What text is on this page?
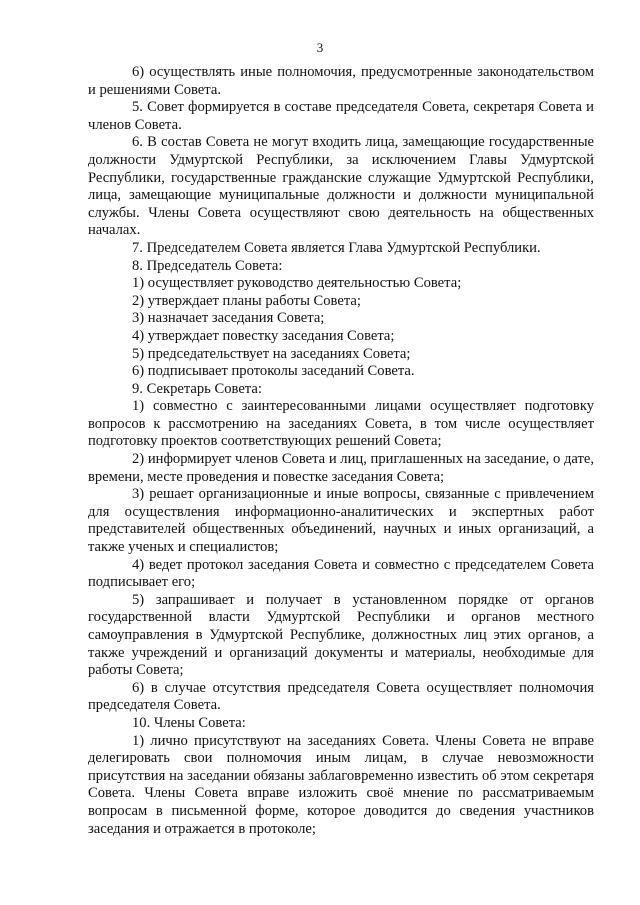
3

6) осуществлять иные полномочия, предусмотренные законодательством и решениями Совета.

5. Совет формируется в составе председателя Совета, секретаря Совета и членов Совета.

6. В состав Совета не могут входить лица, замещающие государственные должности Удмуртской Республики, за исключением Главы Удмуртской Республики, государственные гражданские служащие Удмуртской Республики, лица, замещающие муниципальные должности и должности муниципальной службы. Члены Совета осуществляют свою деятельность на общественных началах.

7. Председателем Совета является Глава Удмуртской Республики.

8. Председатель Совета:

1) осуществляет руководство деятельностью Совета;

2) утверждает планы работы Совета;

3) назначает заседания Совета;

4) утверждает повестку заседания Совета;

5) председательствует на заседаниях Совета;

6) подписывает протоколы заседаний Совета.

9. Секретарь Совета:

1) совместно с заинтересованными лицами осуществляет подготовку вопросов к рассмотрению на заседаниях Совета, в том числе осуществляет подготовку проектов соответствующих решений Совета;

2) информирует членов Совета и лиц, приглашенных на заседание, о дате, времени, месте проведения и повестке заседания Совета;

3) решает организационные и иные вопросы, связанные с привлечением для осуществления информационно-аналитических и экспертных работ представителей общественных объединений, научных и иных организаций, а также ученых и специалистов;

4) ведет протокол заседания Совета и совместно с председателем Совета подписывает его;

5) запрашивает и получает в установленном порядке от органов государственной власти Удмуртской Республики и органов местного самоуправления в Удмуртской Республике, должностных лиц этих органов, а также учреждений и организаций документы и материалы, необходимые для работы Совета;

6) в случае отсутствия председателя Совета осуществляет полномочия председателя Совета.

10. Члены Совета:

1) лично присутствуют на заседаниях Совета. Члены Совета не вправе делегировать свои полномочия иным лицам, в случае невозможности присутствия на заседании обязаны заблаговременно известить об этом секретаря Совета. Члены Совета вправе изложить своё мнение по рассматриваемым вопросам в письменной форме, которое доводится до сведения участников заседания и отражается в протоколе;
